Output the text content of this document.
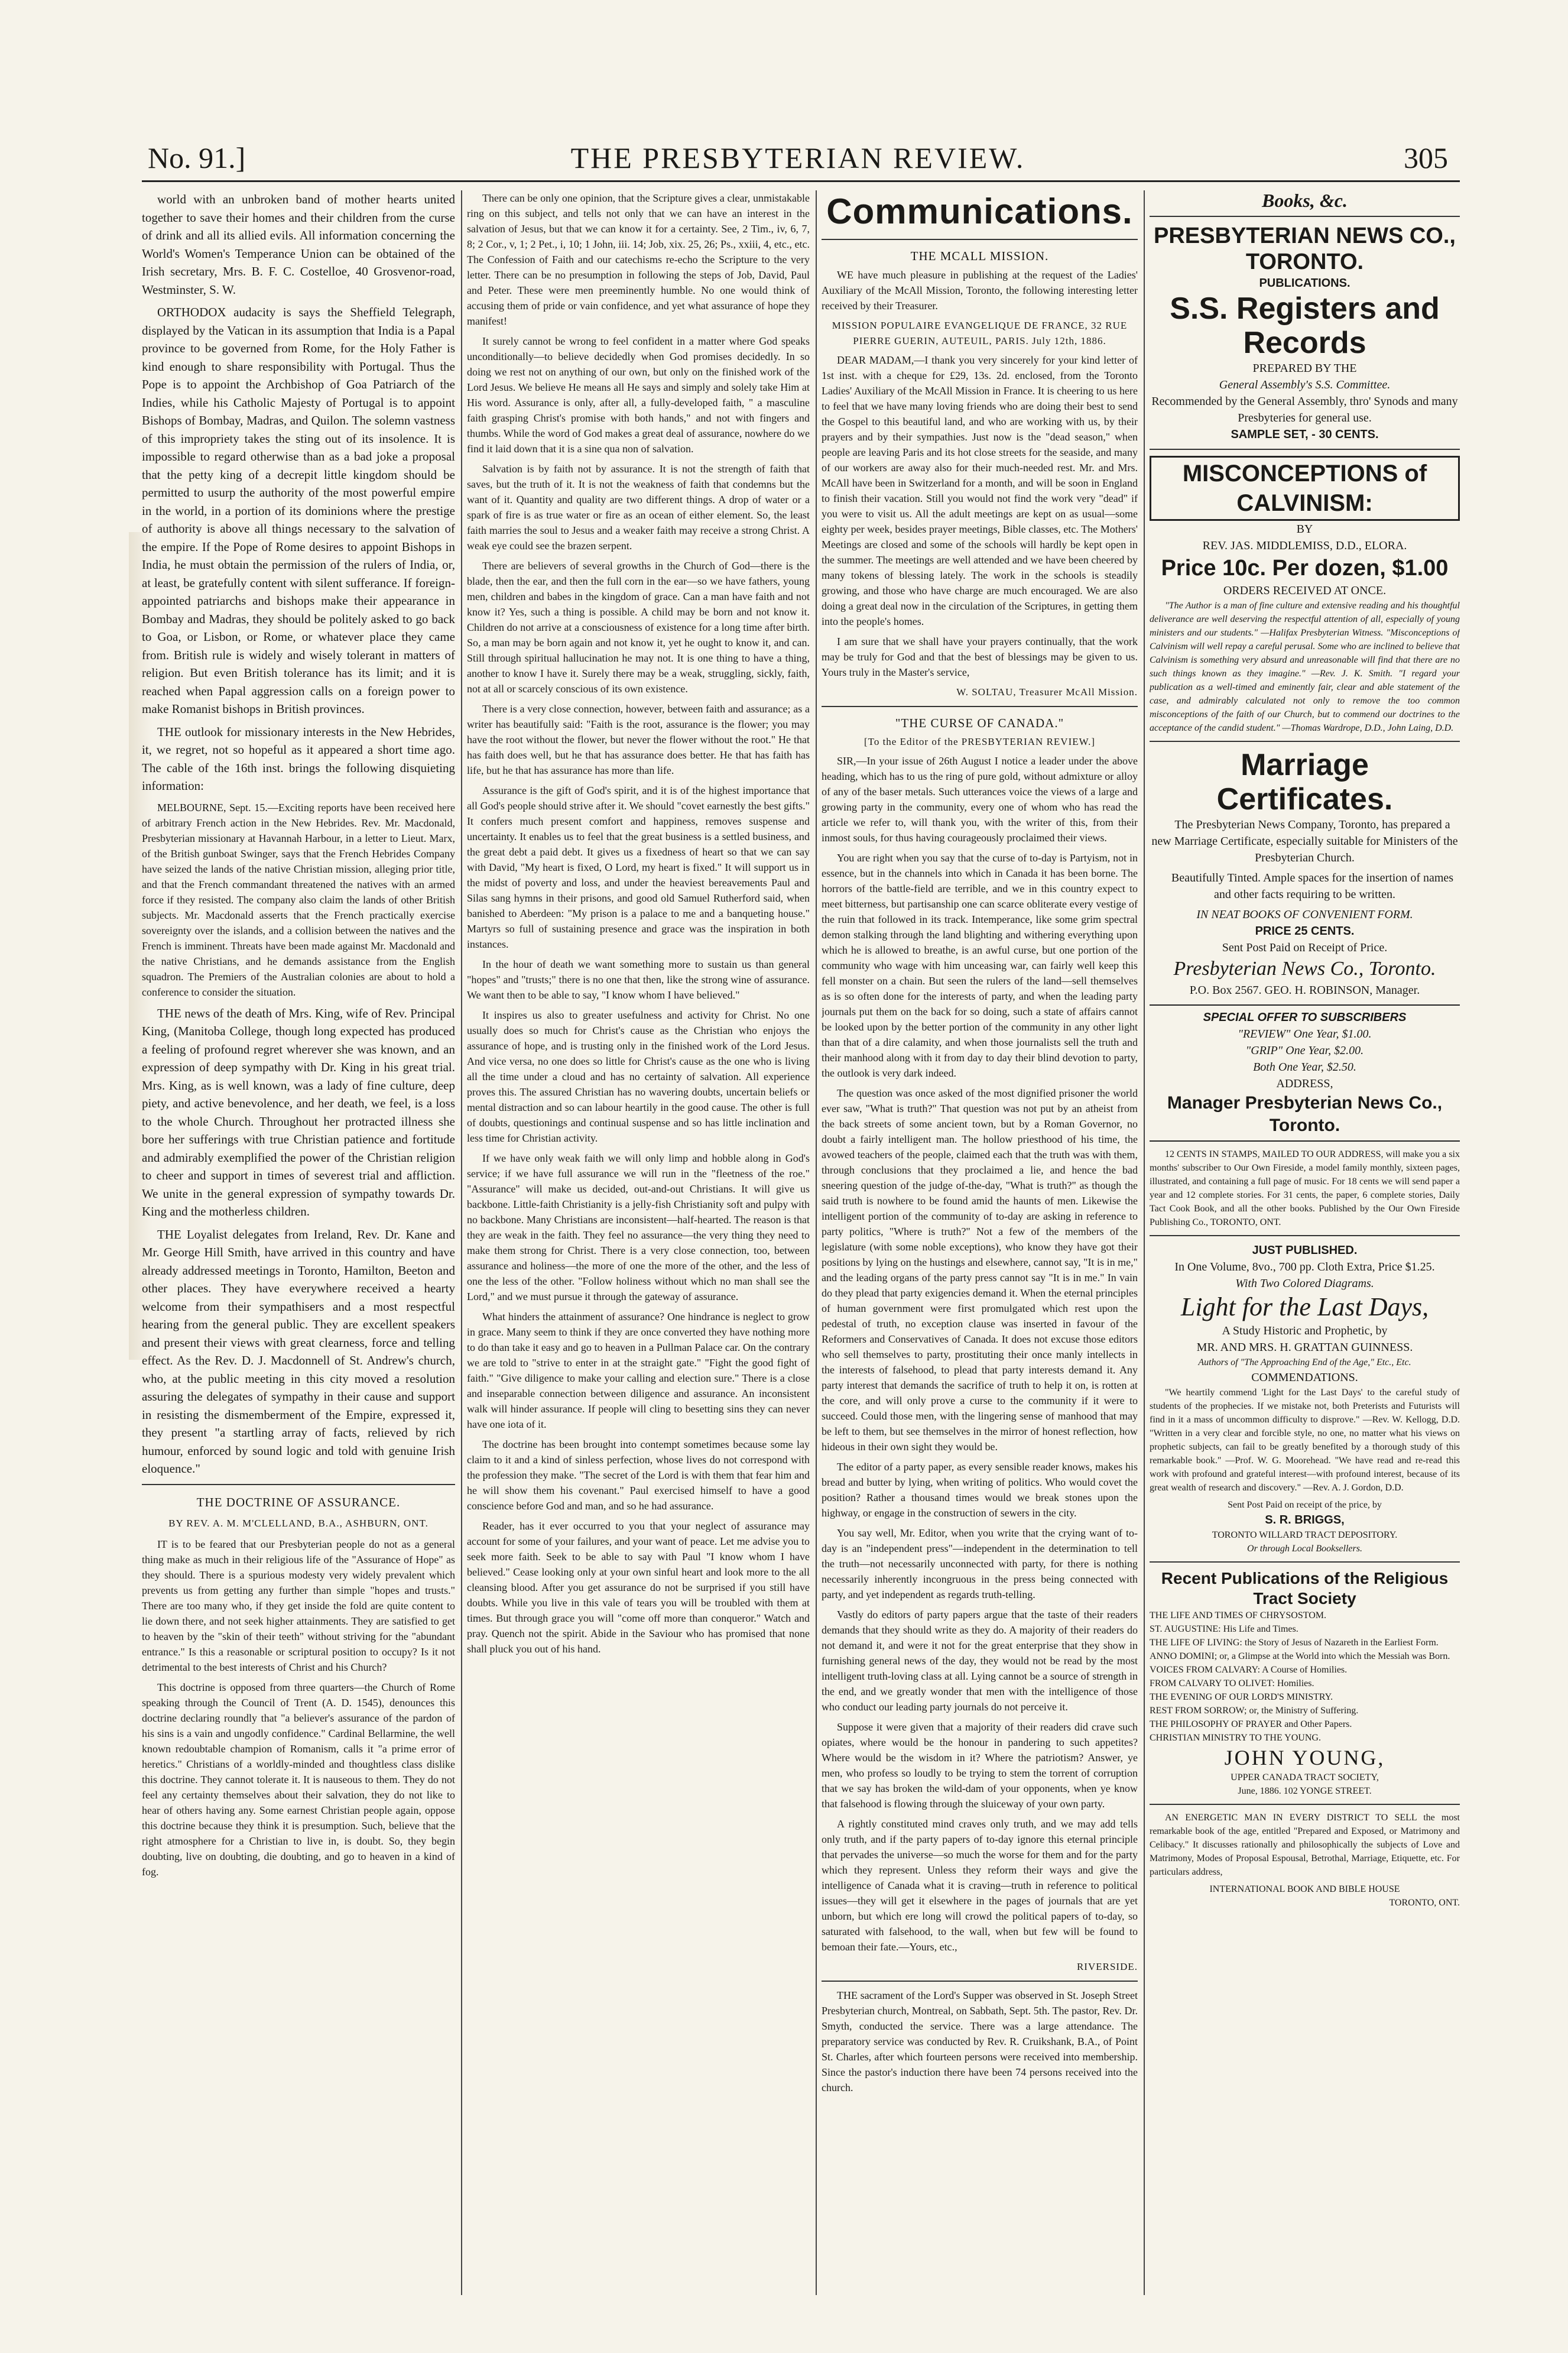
No. 91.]	THE PRESBYTERIAN REVIEW.	305

world with an unbroken band of mother hearts united together to save their homes and their children from the curse of drink and all its allied evils. All information concerning the World's Women's Temperance Union can be obtained of the Irish secretary, Mrs. B. F. C. Costelloe, 40 Grosvenor-road, Westminster, S. W.

ORTHODOX audacity is says the Sheffield Telegraph, displayed by the Vatican in its assumption that India is a Papal province to be governed from Rome, for the Holy Father is kind enough to share responsibility with Portugal. Thus the Pope is to appoint the Archbishop of Goa Patriarch of the Indies, while his Catholic Majesty of Portugal is to appoint Bishops of Bombay, Madras, and Quilon. The solemn vastness of this impropriety takes the sting out of its insolence. It is impossible to regard otherwise than as a bad joke a proposal that the petty king of a decrepit little kingdom should be permitted to usurp the authority of the most powerful empire in the world, in a portion of its dominions where the prestige of authority is above all things necessary to the salvation of the empire. If the Pope of Rome desires to appoint Bishops in India, he must obtain the permission of the rulers of India, or, at least, be gratefully content with silent sufferance. If foreign-appointed patriarchs and bishops make their appearance in Bombay and Madras, they should be politely asked to go back to Goa, or Lisbon, or Rome, or whatever place they came from. British rule is widely and wisely tolerant in matters of religion. But even British tolerance has its limit; and it is reached when Papal aggression calls on a foreign power to make Romanist bishops in British provinces.

THE outlook for missionary interests in the New Hebrides, it, we regret, not so hopeful as it appeared a short time ago. The cable of the 16th inst. brings the following disquieting information:

MELBOURNE, Sept. 15.—Exciting reports have been received here of arbitrary French action in the New Hebrides. Rev. Mr. Macdonald, Presbyterian missionary at Havannah Harbour, in a letter to Lieut. Marx, of the British gunboat Swinger, says that the French Hebrides Company have seized the lands of the native Christian mission, alleging prior title, and that the French commandant threatened the natives with an armed force if they resisted. The company also claim the lands of other British subjects. Mr. Macdonald asserts that the French practically exercise sovereignty over the islands, and a collision between the natives and the French is imminent. Threats have been made against Mr. Macdonald and the native Christians, and he demands assistance from the English squadron. The Premiers of the Australian colonies are about to hold a conference to consider the situation.

THE news of the death of Mrs. King, wife of Rev. Principal King, (Manitoba College, though long expected has produced a feeling of profound regret wherever she was known, and an expression of deep sympathy with Dr. King in his great trial. Mrs. King, as is well known, was a lady of fine culture, deep piety, and active benevolence, and her death, we feel, is a loss to the whole Church. Throughout her protracted illness she bore her sufferings with true Christian patience and fortitude and admirably exemplified the power of the Christian religion to cheer and support in times of severest trial and affliction. We unite in the general expression of sympathy towards Dr. King and the motherless children.

THE Loyalist delegates from Ireland, Rev. Dr. Kane and Mr. George Hill Smith, have arrived in this country and have already addressed meetings in Toronto, Hamilton, Beeton and other places. They have everywhere received a hearty welcome from their sympathisers and a most respectful hearing from the general public. They are excellent speakers and present their views with great clearness, force and telling effect. As the Rev. D. J. Macdonnell of St. Andrew's church, who, at the public meeting in this city moved a resolution assuring the delegates of sympathy in their cause and support in resisting the dismemberment of the Empire, expressed it, they present "a startling array of facts, relieved by rich humour, enforced by sound logic and told with genuine Irish eloquence."

THE DOCTRINE OF ASSURANCE.
BY REV. A. M. M'CLELLAND, B.A., ASHBURN, ONT.

IT is to be feared that our Presbyterian people do not as a general thing make as much in their religious life of the "Assurance of Hope" as they should. There is a spurious modesty very widely prevalent which prevents us from getting any further than simple "hopes and trusts." There are too many who, if they get inside the fold are quite content to lie down there, and not seek higher attainments. They are satisfied to get to heaven by the "skin of their teeth" without striving for the "abundant entrance." Is this a reasonable or scriptural position to occupy? Is it not detrimental to the best interests of Christ and his Church?

This doctrine is opposed from three quarters—the Church of Rome speaking through the Council of Trent (A. D. 1545), denounces this doctrine declaring roundly that "a believer's assurance of the pardon of his sins is a vain and ungodly confidence." Cardinal Bellarmine, the well known redoubtable champion of Romanism, calls it "a prime error of heretics." Christians of a worldly-minded and thoughtless class dislike this doctrine. They cannot tolerate it. It is nauseous to them. They do not feel any certainty themselves about their salvation, they do not like to hear of others having any. Some earnest Christian people again, oppose this doctrine because they think it is presumption. Such, believe that the right atmosphere for a Christian to live in, is doubt. So, they begin doubting, live on doubting, die doubting, and go to heaven in a kind of fog.

There can be only one opinion, that the Scripture gives a clear, unmistakable ring on this subject, and tells not only that we can have an interest in the salvation of Jesus, but that we can know it for a certainty. See, 2 Tim., iv, 6, 7, 8; 2 Cor., v, 1; 2 Pet., i, 10; 1 John, iii. 14; Job, xix. 25, 26; Ps., xxiii, 4, etc., etc. The Confession of Faith and our catechisms re-echo the Scripture to the very letter. There can be no presumption in following the steps of Job, David, Paul and Peter. These were men preeminently humble. No one would think of accusing them of pride or vain confidence, and yet what assurance of hope they manifest!

It surely cannot be wrong to feel confident in a matter where God speaks unconditionally—to believe decidedly when God promises decidedly. In so doing we rest not on anything of our own, but only on the finished work of the Lord Jesus. We believe He means all He says and simply and solely take Him at His word. Assurance is only, after all, a fully-developed faith, " a masculine faith grasping Christ's promise with both hands," and not with fingers and thumbs. While the word of God makes a great deal of assurance, nowhere do we find it laid down that it is a sine qua non of salvation.

Salvation is by faith not by assurance. It is not the strength of faith that saves, but the truth of it. It is not the weakness of faith that condemns but the want of it. Quantity and quality are two different things. A drop of water or a spark of fire is as true water or fire as an ocean of either element. So, the least faith marries the soul to Jesus and a weaker faith may receive a strong Christ. A weak eye could see the brazen serpent.

There are believers of several growths in the Church of God—there is the blade, then the ear, and then the full corn in the ear—so we have fathers, young men, children and babes in the kingdom of grace. Can a man have faith and not know it? Yes, such a thing is possible. A child may be born and not know it. Children do not arrive at a consciousness of existence for a long time after birth. So, a man may be born again and not know it, yet he ought to know it, and can. Still through spiritual hallucination he may not. It is one thing to have a thing, another to know I have it. Surely there may be a weak, struggling, sickly, faith, not at all or scarcely conscious of its own existence.

There is a very close connection, however, between faith and assurance; as a writer has beautifully said: "Faith is the root, assurance is the flower; you may have the root without the flower, but never the flower without the root." He that has faith does well, but he that has assurance does better. He that has faith has life, but he that has assurance has more than life.

Assurance is the gift of God's spirit, and it is of the highest importance that all God's people should strive after it. We should "covet earnestly the best gifts." It confers much present comfort and happiness, removes suspense and uncertainty. It enables us to feel that the great business is a settled business, and the great debt a paid debt. It gives us a fixedness of heart so that we can say with David, "My heart is fixed, O Lord, my heart is fixed." It will support us in the midst of poverty and loss, and under the heaviest bereavements Paul and Silas sang hymns in their prisons, and good old Samuel Rutherford said, when banished to Aberdeen: "My prison is a palace to me and a banqueting house." Martyrs so full of sustaining presence and grace was the inspiration in both instances.

In the hour of death we want something more to sustain us than general "hopes" and "trusts;" there is no one that then, like the strong wine of assurance. We want then to be able to say, "I know whom I have believed."

It inspires us also to greater usefulness and activity for Christ. No one usually does so much for Christ's cause as the Christian who enjoys the assurance of hope, and is trusting only in the finished work of the Lord Jesus. And vice versa, no one does so little for Christ's cause as the one who is living all the time under a cloud and has no certainty of salvation. All experience proves this. The assured Christian has no wavering doubts, uncertain beliefs or mental distraction and so can labour heartily in the good cause. The other is full of doubts, questionings and continual suspense and so has little inclination and less time for Christian activity.

If we have only weak faith we will only limp and hobble along in God's service; if we have full assurance we will run in the "fleetness of the roe." "Assurance" will make us decided, out-and-out Christians. It will give us backbone. Little-faith Christianity is a jelly-fish Christianity soft and pulpy with no backbone. Many Christians are inconsistent—half-hearted. The reason is that they are weak in the faith. They feel no assurance—the very thing they need to make them strong for Christ. There is a very close connection, too, between assurance and holiness—the more of one the more of the other, and the less of one the less of the other. "Follow holiness without which no man shall see the Lord," and we must pursue it through the gateway of assurance.

What hinders the attainment of assurance? One hindrance is neglect to grow in grace. Many seem to think if they are once converted they have nothing more to do than take it easy and go to heaven in a Pullman Palace car. On the contrary we are told to "strive to enter in at the straight gate." "Fight the good fight of faith." "Give diligence to make your calling and election sure." There is a close and inseparable connection between diligence and assurance. An inconsistent walk will hinder assurance. If people will cling to besetting sins they can never have one iota of it.

The doctrine has been brought into contempt sometimes because some lay claim to it and a kind of sinless perfection, whose lives do not correspond with the profession they make. "The secret of the Lord is with them that fear him and he will show them his covenant." Paul exercised himself to have a good conscience before God and man, and so he had assurance.

Reader, has it ever occurred to you that your neglect of assurance may account for some of your failures, and your want of peace. Let me advise you to seek more faith. Seek to be able to say with Paul "I know whom I have believed." Cease looking only at your own sinful heart and look more to the all cleansing blood. After you get assurance do not be surprised if you still have doubts. While you live in this vale of tears you will be troubled with them at times. But through grace you will "come off more than conqueror." Watch and pray. Quench not the spirit. Abide in the Saviour who has promised that none shall pluck you out of his hand.

Communications.
THE MCALL MISSION.

WE have much pleasure in publishing at the request of the Ladies' Auxiliary of the McAll Mission, Toronto, the following interesting letter received by their Treasurer.

MISSION POPULAIRE EVANGELIQUE DE FRANCE, 32 RUE PIERRE GUERIN, AUTEUIL, PARIS. July 12th, 1886.

DEAR MADAM,—I thank you very sincerely for your kind letter of 1st inst. with a cheque for £29, 13s. 2d. enclosed, from the Toronto Ladies' Auxiliary of the McAll Mission in France. It is cheering to us here to feel that we have many loving friends who are doing their best to send the Gospel to this beautiful land, and who are working with us, by their prayers and by their sympathies. Just now is the "dead season," when people are leaving Paris and its hot close streets for the seaside, and many of our workers are away also for their much-needed rest. Mr. and Mrs. McAll have been in Switzerland for a month, and will be soon in England to finish their vacation. Still you would not find the work very "dead" if you were to visit us. All the adult meetings are kept on as usual—some eighty per week, besides prayer meetings, Bible classes, etc. The Mothers' Meetings are closed and some of the schools will hardly be kept open in the summer. The meetings are well attended and we have been cheered by many tokens of blessing lately. The work in the schools is steadily growing, and those who have charge are much encouraged. We are also doing a great deal now in the circulation of the Scriptures, in getting them into the people's homes.

I am sure that we shall have your prayers continually, that the work may be truly for God and that the best of blessings may be given to us. Yours truly in the Master's service,

W. SOLTAU, Treasurer McAll Mission.
"THE CURSE OF CANADA."
[To the Editor of the PRESBYTERIAN REVIEW.]

SIR,—In your issue of 26th August I notice a leader under the above heading, which has to us the ring of pure gold, without admixture or alloy of any of the baser metals. Such utterances voice the views of a large and growing party in the community, every one of whom who has read the article we refer to, will thank you, with the writer of this, from their inmost souls, for thus having courageously proclaimed their views.

You are right when you say that the curse of to-day is Partyism, not in essence, but in the channels into which in Canada it has been borne. The horrors of the battle-field are terrible, and we in this country expect to meet bitterness, but partisanship one can scarce obliterate every vestige of the ruin that followed in its track. Intemperance, like some grim spectral demon stalking through the land blighting and withering everything upon which he is allowed to breathe, is an awful curse, but one portion of the community who wage with him unceasing war, can fairly well keep this fell monster on a chain. But seen the rulers of the land—sell themselves as is so often done for the interests of party, and when the leading party journals put them on the back for so doing, such a state of affairs cannot be looked upon by the better portion of the community in any other light than that of a dire calamity, and when those journalists sell the truth and their manhood along with it from day to day their blind devotion to party, the outlook is very dark indeed.

The question was once asked of the most dignified prisoner the world ever saw, "What is truth?" That question was not put by an atheist from the back streets of some ancient town, but by a Roman Governor, no doubt a fairly intelligent man. The hollow priesthood of his time, the avowed teachers of the people, claimed each that the truth was with them, through conclusions that they proclaimed a lie, and hence the bad sneering question of the judge of-the-day, "What is truth?" as though the said truth is nowhere to be found amid the haunts of men. Likewise the intelligent portion of the community of to-day are asking in reference to party politics, "Where is truth?" Not a few of the members of the legislature (with some noble exceptions), who know they have got their positions by lying on the hustings and elsewhere, cannot say, "It is in me," and the leading organs of the party press cannot say "It is in me." In vain do they plead that party exigencies demand it. When the eternal principles of human government were first promulgated which rest upon the pedestal of truth, no exception clause was inserted in favour of the Reformers and Conservatives of Canada. It does not excuse those editors who sell themselves to party, prostituting their once manly intellects in the interests of falsehood, to plead that party interests demand it. Any party interest that demands the sacrifice of truth to help it on, is rotten at the core, and will only prove a curse to the community if it were to succeed. Could those men, with the lingering sense of manhood that may be left to them, but see themselves in the mirror of honest reflection, how hideous in their own sight they would be.

The editor of a party paper, as every sensible reader knows, makes his bread and butter by lying, when writing of politics. Who would covet the position? Rather a thousand times would we break stones upon the highway, or engage in the construction of sewers in the city.

You say well, Mr. Editor, when you write that the crying want of to-day is an "independent press"—independent in the determination to tell the truth—not necessarily unconnected with party, for there is nothing necessarily inherently incongruous in the press being connected with party, and yet independent as regards truth-telling.

Vastly do editors of party papers argue that the taste of their readers demands that they should write as they do. A majority of their readers do not demand it, and were it not for the great enterprise that they show in furnishing general news of the day, they would not be read by the most intelligent truth-loving class at all. Lying cannot be a source of strength in the end, and we greatly wonder that men with the intelligence of those who conduct our leading party journals do not perceive it.

Suppose it were given that a majority of their readers did crave such opiates, where would be the honour in pandering to such appetites? Where would be the wisdom in it? Where the patriotism? Answer, ye men, who profess so loudly to be trying to stem the torrent of corruption that we say has broken the wild-dam of your opponents, when ye know that falsehood is flowing through the sluiceway of your own party.

A rightly constituted mind craves only truth, and we may add tells only truth, and if the party papers of to-day ignore this eternal principle that pervades the universe—so much the worse for them and for the party which they represent. Unless they reform their ways and give the intelligence of Canada what it is craving—truth in reference to political issues—they will get it elsewhere in the pages of journals that are yet unborn, but which ere long will crowd the political papers of to-day, so saturated with falsehood, to the wall, when but few will be found to bemoan their fate.—Yours, etc.,

RIVERSIDE.

THE sacrament of the Lord's Supper was observed in St. Joseph Street Presbyterian church, Montreal, on Sabbath, Sept. 5th. The pastor, Rev. Dr. Smyth, conducted the service. There was a large attendance. The preparatory service was conducted by Rev. R. Cruikshank, B.A., of Point St. Charles, after which fourteen persons were received into membership. Since the pastor's induction there have been 74 persons received into the church.

Books, &c.
PRESBYTERIAN NEWS CO., TORONTO.
PUBLICATIONS.
S.S. Registers and Records
PREPARED BY THE
General Assembly's S.S. Committee.
Recommended by the General Assembly, thro' Synods and many Presbyteries for general use.
SAMPLE SET, - 30 CENTS.
MISCONCEPTIONS of CALVINISM:
BY
REV. JAS. MIDDLEMISS, D.D., ELORA.
Price 10c. Per dozen, $1.00
ORDERS RECEIVED AT ONCE.

"The Author is a man of fine culture and extensive reading and his thoughtful deliverance are well deserving the respectful attention of all, especially of young ministers and our students." —Halifax Presbyterian Witness. "Misconceptions of Calvinism will well repay a careful perusal. Some who are inclined to believe that Calvinism is something very absurd and unreasonable will find that there are no such things known as they imagine." —Rev. J. K. Smith. "I regard your publication as a well-timed and eminently fair, clear and able statement of the case, and admirably calculated not only to remove the too common misconceptions of the faith of our Church, but to commend our doctrines to the acceptance of the candid student." —Thomas Wardrope, D.D., John Laing, D.D.

Marriage Certificates.

The Presbyterian News Company, Toronto, has prepared a new Marriage Certificate, especially suitable for Ministers of the Presbyterian Church.

Beautifully Tinted. Ample spaces for the insertion of names and other facts requiring to be written.

IN NEAT BOOKS OF CONVENIENT FORM.
PRICE 25 CENTS.
Sent Post Paid on Receipt of Price.
Presbyterian News Co., Toronto.
P.O. Box 2567. GEO. H. ROBINSON, Manager.
SPECIAL OFFER TO SUBSCRIBERS
"REVIEW" One Year, $1.00.
"GRIP" One Year, $2.00.
Both One Year, $2.50.
ADDRESS,
Manager Presbyterian News Co., Toronto.

12 CENTS IN STAMPS, MAILED TO OUR ADDRESS, will make you a six months' subscriber to Our Own Fireside, a model family monthly, sixteen pages, illustrated, and containing a full page of music. For 18 cents we will send paper a year and 12 complete stories. For 31 cents, the paper, 6 complete stories, Daily Tact Cook Book, and all the other books. Published by the Our Own Fireside Publishing Co., TORONTO, ONT.

JUST PUBLISHED.
In One Volume, 8vo., 700 pp. Cloth Extra, Price $1.25.
With Two Colored Diagrams.
Light for the Last Days,
A Study Historic and Prophetic, by
MR. AND MRS. H. GRATTAN GUINNESS.
Authors of "The Approaching End of the Age," Etc., Etc.
COMMENDATIONS.

"We heartily commend 'Light for the Last Days' to the careful study of students of the prophecies. If we mistake not, both Preterists and Futurists will find in it a mass of uncommon difficulty to disprove." —Rev. W. Kellogg, D.D. "Written in a very clear and forcible style, no one, no matter what his views on prophetic subjects, can fail to be greatly benefited by a thorough study of this remarkable book." —Prof. W. G. Moorehead. "We have read and re-read this work with profound and grateful interest—with profound interest, because of its great wealth of research and discovery." —Rev. A. J. Gordon, D.D.

Sent Post Paid on receipt of the price, by
S. R. BRIGGS,
TORONTO WILLARD TRACT DEPOSITORY.
Or through Local Booksellers.
Recent Publications of the Religious Tract Society
THE LIFE AND TIMES OF CHRYSOSTOM.
ST. AUGUSTINE: His Life and Times.
THE LIFE OF LIVING: the Story of Jesus of Nazareth in the Earliest Form.
ANNO DOMINI; or, a Glimpse at the World into which the Messiah was Born.
VOICES FROM CALVARY: A Course of Homilies.
FROM CALVARY TO OLIVET: Homilies.
THE EVENING OF OUR LORD'S MINISTRY.
REST FROM SORROW; or, the Ministry of Suffering.
THE PHILOSOPHY OF PRAYER and Other Papers.
CHRISTIAN MINISTRY TO THE YOUNG.
JOHN YOUNG,
UPPER CANADA TRACT SOCIETY,
June, 1886. 102 YONGE STREET.

AN ENERGETIC MAN IN EVERY DISTRICT TO SELL the most remarkable book of the age, entitled "Prepared and Exposed, or Matrimony and Celibacy." It discusses rationally and philosophically the subjects of Love and Matrimony, Modes of Proposal Espousal, Betrothal, Marriage, Etiquette, etc. For particulars address,

INTERNATIONAL BOOK AND BIBLE HOUSE
TORONTO, ONT.
